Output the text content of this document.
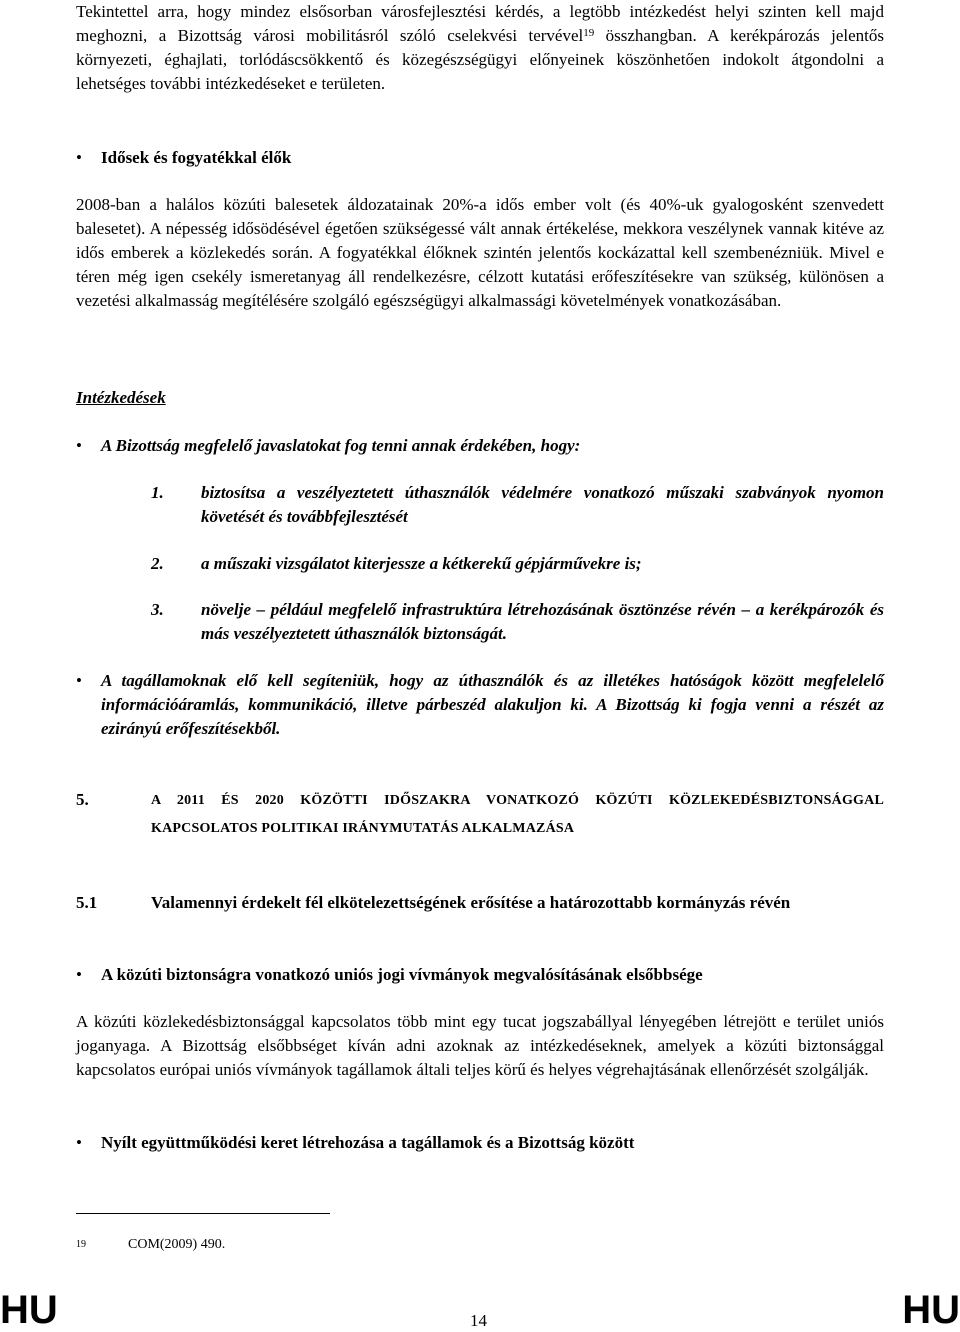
Tekintettel arra, hogy mindez elsősorban városfejlesztési kérdés, a legtöbb intézkedést helyi szinten kell majd meghozni, a Bizottság városi mobilitásról szóló cselekvési tervével$^{19}$ összhangban. A kerékpározás jelentős környezeti, éghajlati, torlódáscsökkentő és közegészségügyi előnyeinek köszönhetően indokolt átgondolni a lehetséges további intézkedéseket e területen.

• Idősek és fogyatékkal élők

2008-ban a halálos közúti balesetek áldozatainak 20%-a idős ember volt (és 40%-uk gyalogosként szenvedett balesetet). A népesség idősödésével égetően szükségessé vált annak értékelése, mekkora veszélynek vannak kitéve az idős emberek a közlekedés során. A fogyatékkal élőknek szintén jelentős kockázattal kell szembenézniük. Mivel e téren még igen csekély ismeretanyag áll rendelkezésre, célzott kutatási erőfeszítésekre van szükség, különösen a vezetési alkalmasság megítélésére szolgáló egészségügyi alkalmassági követelmények vonatkozásában.

Intézkedések

• A Bizottság megfelelő javaslatokat fog tenni annak érdekében, hogy:

1. biztosítsa a veszélyeztetett úthasználók védelmére vonatkozó műszaki szabványok nyomon követését és továbbfejlesztését

2. a műszaki vizsgálatot kiterjessze a kétkerekű gépjárművekre is;

3. növelje – például megfelelő infrastruktúra létrehozásának ösztönzése révén – a kerékpározók és más veszélyeztetett úthasználók biztonságát.

• A tagállamoknak elő kell segíteniük, hogy az úthasználók és az illetékes hatóságok között megfelelelő információáramlás, kommunikáció, illetve párbeszéd alakuljon ki. A Bizottság ki fogja venni a részét az ezirányú erőfeszítésekből.

5.	A 2011 ÉS 2020 KÖZÖTTI IDŐSZAKRA VONATKOZÓ KÖZÚTI KÖZLEKEDÉSBIZTONSÁGGAL KAPCSOLATOS POLITIKAI IRÁNYMUTATÁS ALKALMAZÁSA

5.1	Valamennyi érdekelt fél elkötelezettségének erősítése a határozottabb kormányzás révén

• A közúti biztonságra vonatkozó uniós jogi vívmányok megvalósításának elsőbbsége

A közúti közlekedésbiztonsággal kapcsolatos több mint egy tucat jogszabállyal lényegében létrejött e terület uniós joganyaga. A Bizottság elsőbbséget kíván adni azoknak az intézkedéseknek, amelyek a közúti biztonsággal kapcsolatos európai uniós vívmányok tagállamok általi teljes körű és helyes végrehajtásának ellenőrzését szolgálják.

• Nyílt együttműködési keret létrehozása a tagállamok és a Bizottság között

$^{19}$	COM(2009) 490.
HU	14	HU
